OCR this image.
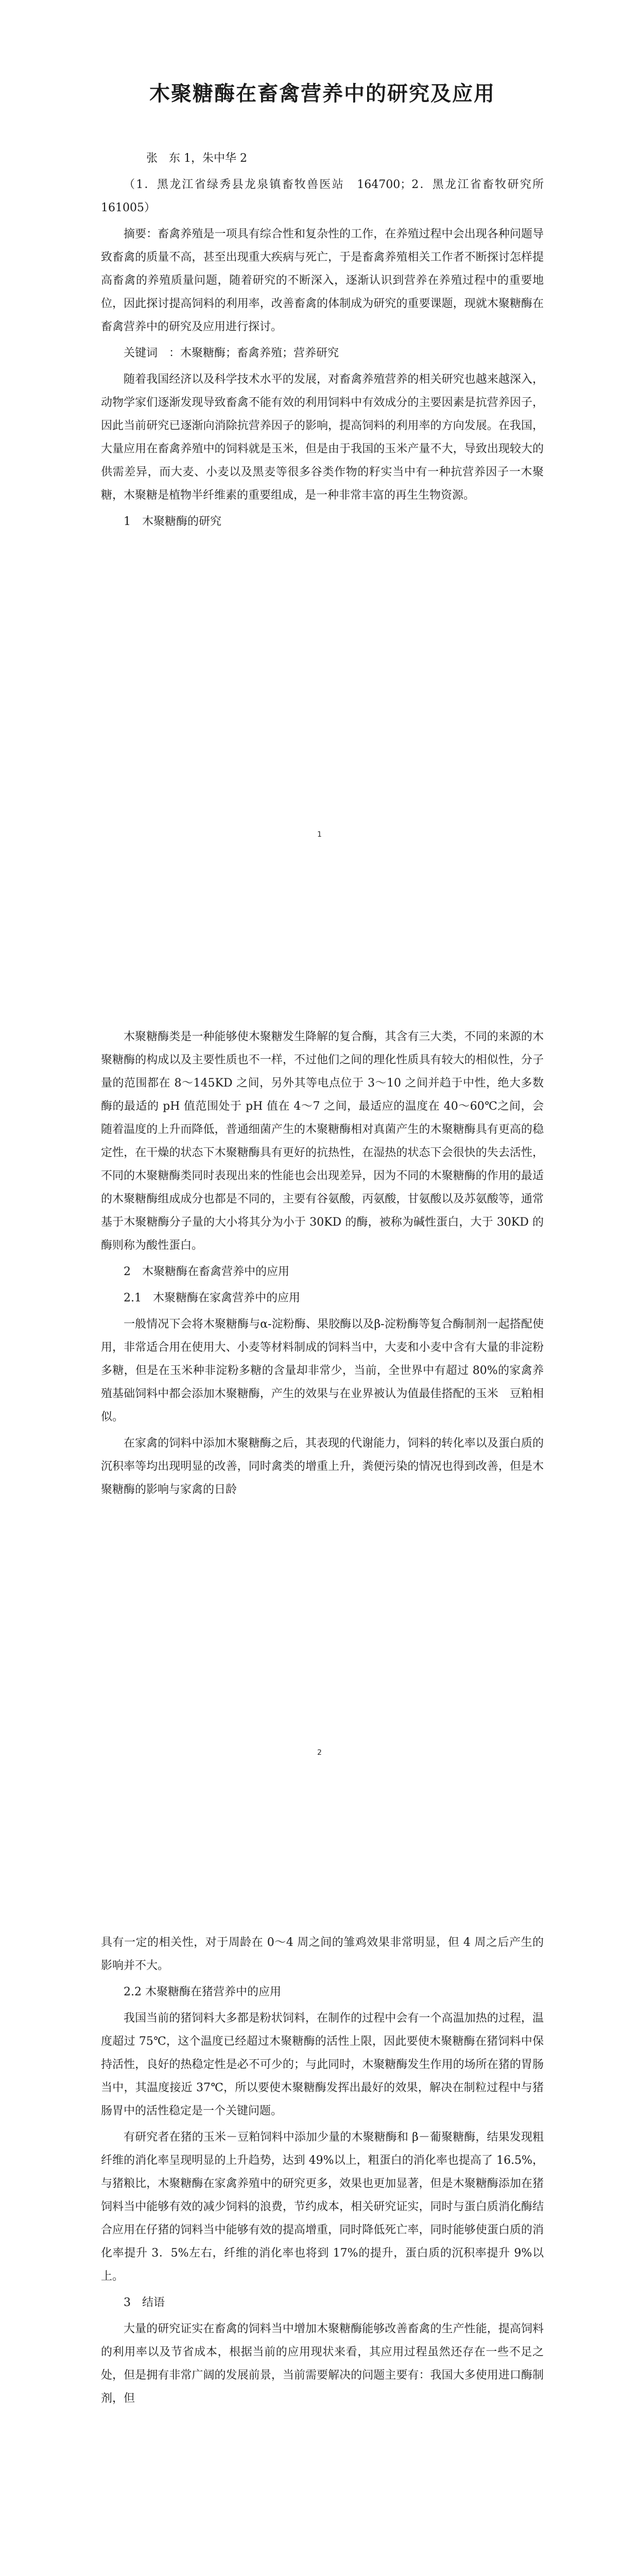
木聚糖酶在畜禽营养中的研究及应用

张　东 1，朱中华 2

（1．黑龙江省绿秀县龙泉镇畜牧兽医站　164700；2．黑龙江省畜牧研究所　161005）

摘要：畜禽养殖是一项具有综合性和复杂性的工作，在养殖过程中会出现各种问题导致畜禽的质量不高，甚至出现重大疾病与死亡，于是畜禽养殖相关工作者不断探讨怎样提高畜禽的养殖质量问题，随着研究的不断深入，逐渐认识到营养在养殖过程中的重要地位，因此探讨提高饲料的利用率，改善畜禽的体制成为研究的重要课题，现就木聚糖酶在畜禽营养中的研究及应用进行探讨。

关键词　：木聚糖酶；畜禽养殖；营养研究

随着我国经济以及科学技术水平的发展，对畜禽养殖营养的相关研究也越来越深入，动物学家们逐渐发现导致畜禽不能有效的利用饲料中有效成分的主要因素是抗营养因子，因此当前研究已逐渐向消除抗营养因子的影响，提高饲料的利用率的方向发展。在我国，大量应用在畜禽养殖中的饲料就是玉米，但是由于我国的玉米产量不大，导致出现较大的供需差异，而大麦、小麦以及黑麦等很多谷类作物的籽实当中有一种抗营养因子一木聚糖，木聚糖是植物半纤维素的重要组成，是一种非常丰富的再生生物资源。

1　木聚糖酶的研究

1

木聚糖酶类是一种能够使木聚糖发生降解的复合酶，其含有三大类，不同的来源的木聚糖酶的构成以及主要性质也不一样，不过他们之间的理化性质具有较大的相似性，分子量的范围都在 8～145KD 之间，另外其等电点位于 3～10 之间并趋于中性，绝大多数酶的最适的 pH 值范围处于 pH 值在 4～7 之间，最适应的温度在 40～60℃之间，会随着温度的上升而降低，普通细菌产生的木聚糖酶相对真菌产生的木聚糖酶具有更高的稳定性，在干燥的状态下木聚糖酶具有更好的抗热性，在湿热的状态下会很快的失去活性，不同的木聚糖酶类同时表现出来的性能也会出现差异，因为不同的木聚糖酶的作用的最适的木聚糖酶组成成分也都是不同的，主要有谷氨酸，丙氨酸，甘氨酸以及苏氨酸等，通常基于木聚糖酶分子量的大小将其分为小于 30KD 的酶，被称为碱性蛋白，大于 30KD 的酶则称为酸性蛋白。

2　木聚糖酶在畜禽营养中的应用

2.1　木聚糖酶在家禽营养中的应用

一般情况下会将木聚糖酶与α-淀粉酶、果胶酶以及β-淀粉酶等复合酶制剂一起搭配使用，非常适合用在使用大、小麦等材料制成的饲料当中，大麦和小麦中含有大量的非淀粉多糖，但是在玉米种非淀粉多糖的含量却非常少，当前，全世界中有超过 80%的家禽养殖基础饲料中都会添加木聚糖酶，产生的效果与在业界被认为值最佳搭配的玉米　豆粕相似。

在家禽的饲料中添加木聚糖酶之后，其表现的代谢能力，饲料的转化率以及蛋白质的沉积率等均出现明显的改善，同时禽类的增重上升，粪便污染的情况也得到改善，但是木聚糖酶的影响与家禽的日龄

2

具有一定的相关性，对于周龄在 0～4 周之间的雏鸡效果非常明显，但 4 周之后产生的影响并不大。

2.2 木聚糖酶在猪营养中的应用

我国当前的猪饲料大多都是粉状饲料，在制作的过程中会有一个高温加热的过程，温度超过 75℃，这个温度已经超过木聚糖酶的活性上限，因此要使木聚糖酶在猪饲料中保持活性，良好的热稳定性是必不可少的；与此同时，木聚糖酶发生作用的场所在猪的胃肠当中，其温度接近 37℃，所以要使木聚糖酶发挥出最好的效果，解决在制粒过程中与猪肠胃中的活性稳定是一个关键问题。

有研究者在猪的玉米－豆粕饲料中添加少量的木聚糖酶和 β－葡聚糖酶，结果发现粗纤维的消化率呈现明显的上升趋势，达到 49%以上，粗蛋白的消化率也提高了 16.5%，与猪粮比，木聚糖酶在家禽养殖中的研究更多，效果也更加显著，但是木聚糖酶添加在猪饲料当中能够有效的减少饲料的浪费，节约成本，相关研究证实，同时与蛋白质消化酶结合应用在仔猪的饲料当中能够有效的提高增重，同时降低死亡率，同时能够使蛋白质的消化率提升 3．5%左右，纤维的消化率也将到 17%的提升，蛋白质的沉积率提升 9%以上。

3　结语

大量的研究证实在畜禽的饲料当中增加木聚糖酶能够改善畜禽的生产性能，提高饲料的利用率以及节省成本，根据当前的应用现状来看，其应用过程虽然还存在一些不足之处，但是拥有非常广阔的发展前景，当前需要解决的问题主要有：我国大多使用进口酶制剂，但
